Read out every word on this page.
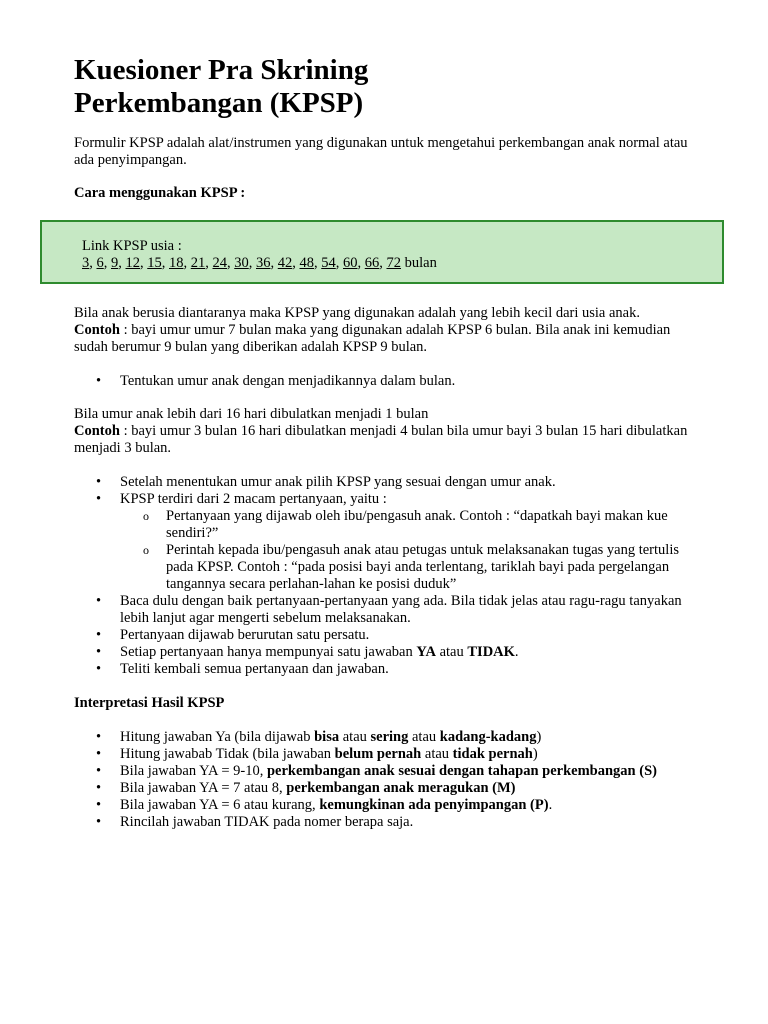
Kuesioner Pra Skrining
Perkembangan (KPSP)

Formulir KPSP adalah alat/instrumen yang digunakan untuk mengetahui perkembangan anak normal atau ada penyimpangan.

Cara menggunakan KPSP :

Link KPSP usia :
3, 6, 9, 12, 15, 18, 21, 24, 30, 36, 42, 48, 54, 60, 66, 72 bulan

Bila anak berusia diantaranya maka KPSP yang digunakan adalah yang lebih kecil dari usia anak.
Contoh : bayi umur umur 7 bulan maka yang digunakan adalah KPSP 6 bulan. Bila anak ini kemudian sudah berumur 9 bulan yang diberikan adalah KPSP 9 bulan.

• Tentukan umur anak dengan menjadikannya dalam bulan.

Bila umur anak lebih dari 16 hari dibulatkan menjadi 1 bulan
Contoh : bayi umur 3 bulan 16 hari dibulatkan menjadi 4 bulan bila umur bayi 3 bulan 15 hari dibulatkan menjadi 3 bulan.

• Setelah menentukan umur anak pilih KPSP yang sesuai dengan umur anak.
• KPSP terdiri dari 2 macam pertanyaan, yaitu :
o Pertanyaan yang dijawab oleh ibu/pengasuh anak. Contoh : “dapatkah bayi makan kue sendiri?”
o Perintah kepada ibu/pengasuh anak atau petugas untuk melaksanakan tugas yang tertulis pada KPSP. Contoh : “pada posisi bayi anda terlentang, tariklah bayi pada pergelangan tangannya secara perlahan-lahan ke posisi duduk”
• Baca dulu dengan baik pertanyaan-pertanyaan yang ada. Bila tidak jelas atau ragu-ragu tanyakan lebih lanjut agar mengerti sebelum melaksanakan.
• Pertanyaan dijawab berurutan satu persatu.
• Setiap pertanyaan hanya mempunyai satu jawaban YA atau TIDAK.
• Teliti kembali semua pertanyaan dan jawaban.

Interpretasi Hasil KPSP

• Hitung jawaban Ya (bila dijawab bisa atau sering atau kadang-kadang)
• Hitung jawabab Tidak (bila jawaban belum pernah atau tidak pernah)
• Bila jawaban YA = 9-10, perkembangan anak sesuai dengan tahapan perkembangan (S)
• Bila jawaban YA = 7 atau 8, perkembangan anak meragukan (M)
• Bila jawaban YA = 6 atau kurang, kemungkinan ada penyimpangan (P).
• Rincilah jawaban TIDAK pada nomer berapa saja.
